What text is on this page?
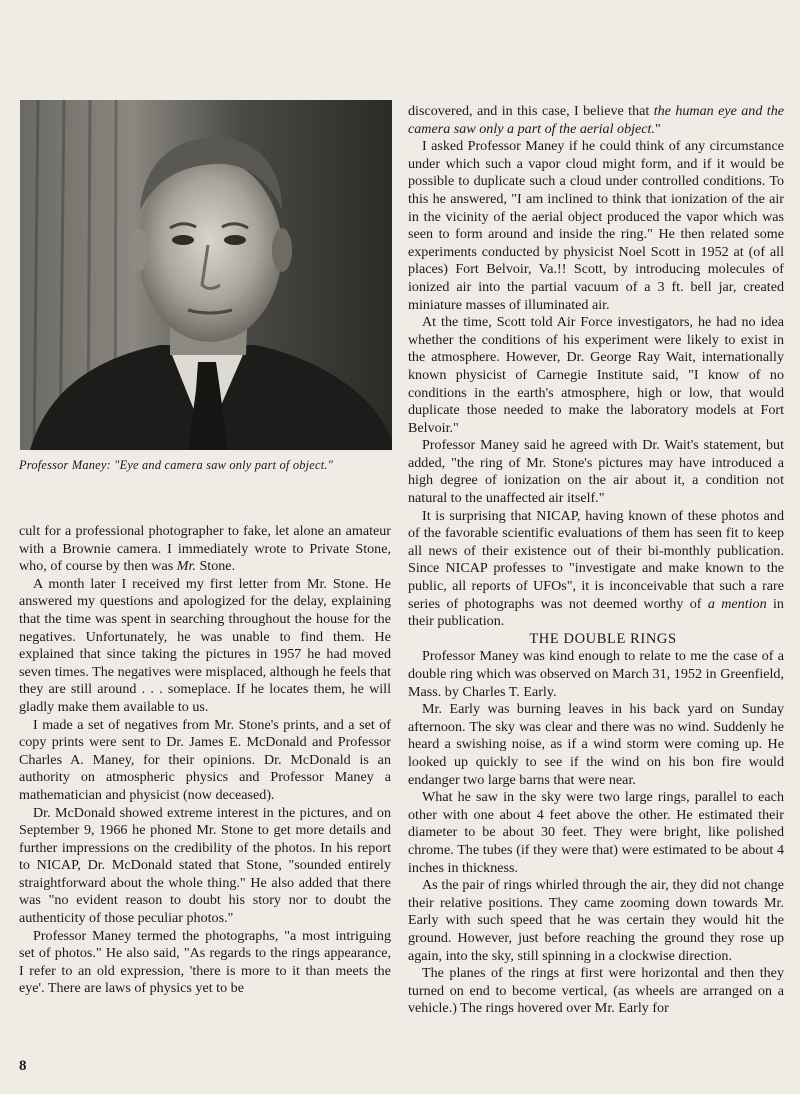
Professor Maney: "Eye and camera saw only part of object."

cult for a professional photographer to fake, let alone an amateur with a Brownie camera. I immediately wrote to Private Stone, who, of course by then was Mr. Stone.

A month later I received my first letter from Mr. Stone. He answered my questions and apologized for the delay, explaining that the time was spent in searching throughout the house for the negatives. Unfortunately, he was unable to find them. He explained that since taking the pictures in 1957 he had moved seven times. The negatives were misplaced, although he feels that they are still around . . . someplace. If he locates them, he will gladly make them available to us.

I made a set of negatives from Mr. Stone's prints, and a set of copy prints were sent to Dr. James E. McDonald and Professor Charles A. Maney, for their opinions. Dr. McDonald is an authority on atmospheric physics and Professor Maney a mathematician and physicist (now deceased).

Dr. McDonald showed extreme interest in the pictures, and on September 9, 1966 he phoned Mr. Stone to get more details and further impressions on the credibility of the photos. In his report to NICAP, Dr. McDonald stated that Stone, "sounded entirely straightforward about the whole thing." He also added that there was "no evident reason to doubt his story nor to doubt the authenticity of those peculiar photos."

Professor Maney termed the photographs, "a most intriguing set of photos." He also said, "As regards to the rings appearance, I refer to an old expression, 'there is more to it than meets the eye'. There are laws of physics yet to be

discovered, and in this case, I believe that the human eye and the camera saw only a part of the aerial object."

I asked Professor Maney if he could think of any circumstance under which such a vapor cloud might form, and if it would be possible to duplicate such a cloud under controlled conditions. To this he answered, "I am inclined to think that ionization of the air in the vicinity of the aerial object produced the vapor which was seen to form around and inside the ring." He then related some experiments conducted by physicist Noel Scott in 1952 at (of all places) Fort Belvoir, Va.!! Scott, by introducing molecules of ionized air into the partial vacuum of a 3 ft. bell jar, created miniature masses of illuminated air.

At the time, Scott told Air Force investigators, he had no idea whether the conditions of his experiment were likely to exist in the atmosphere. However, Dr. George Ray Wait, internationally known physicist of Carnegie Institute said, "I know of no conditions in the earth's atmosphere, high or low, that would duplicate those needed to make the laboratory models at Fort Belvoir."

Professor Maney said he agreed with Dr. Wait's statement, but added, "the ring of Mr. Stone's pictures may have introduced a high degree of ionization on the air about it, a condition not natural to the unaffected air itself."

It is surprising that NICAP, having known of these photos and of the favorable scientific evaluations of them has seen fit to keep all news of their existence out of their bi-monthly publication. Since NICAP professes to "investigate and make known to the public, all reports of UFOs", it is inconceivable that such a rare series of photographs was not deemed worthy of a mention in their publication.

THE DOUBLE RINGS

Professor Maney was kind enough to relate to me the case of a double ring which was observed on March 31, 1952 in Greenfield, Mass. by Charles T. Early.

Mr. Early was burning leaves in his back yard on Sunday afternoon. The sky was clear and there was no wind. Suddenly he heard a swishing noise, as if a wind storm were coming up. He looked up quickly to see if the wind on his bon fire would endanger two large barns that were near.

What he saw in the sky were two large rings, parallel to each other with one about 4 feet above the other. He estimated their diameter to be about 30 feet. They were bright, like polished chrome. The tubes (if they were that) were estimated to be about 4 inches in thickness.

As the pair of rings whirled through the air, they did not change their relative positions. They came zooming down towards Mr. Early with such speed that he was certain they would hit the ground. However, just before reaching the ground they rose up again, into the sky, still spinning in a clockwise direction.

The planes of the rings at first were horizontal and then they turned on end to become vertical, (as wheels are arranged on a vehicle.) The rings hovered over Mr. Early for

8
